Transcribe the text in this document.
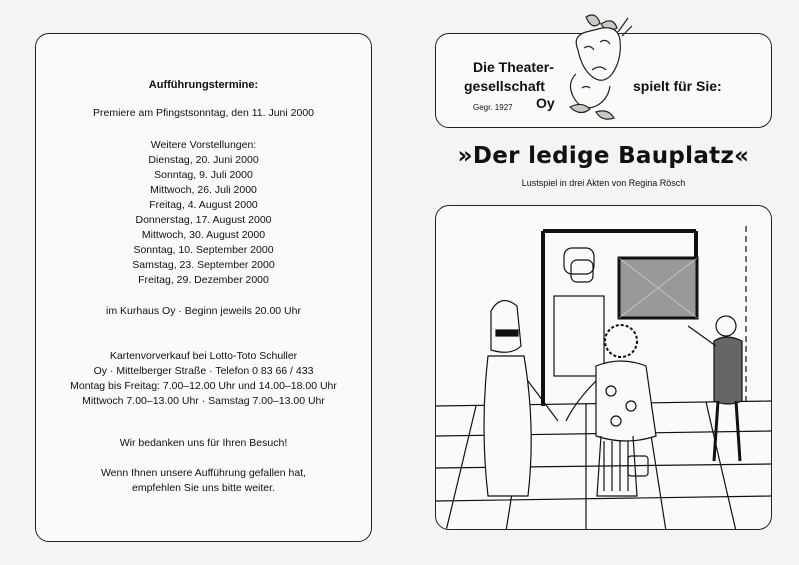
Aufführungstermine:
Premiere am Pfingstsonntag, den 11. Juni 2000
Weitere Vorstellungen:
Dienstag, 20. Juni 2000
Sonntag, 9. Juli 2000
Mittwoch, 26. Juli 2000
Freitag, 4. August 2000
Donnerstag, 17. August 2000
Mittwoch, 30. August 2000
Sonntag, 10. September 2000
Samstag, 23. September 2000
Freitag, 29. Dezember 2000
im Kurhaus Oy · Beginn jeweils 20.00 Uhr
Kartenvorverkauf bei Lotto-Toto Schuller
Oy · Mittelberger Straße · Telefon 0 83 66 / 433
Montag bis Freitag: 7.00–12.00 Uhr und 14.00–18.00 Uhr
Mittwoch 7.00–13.00 Uhr · Samstag 7.00–13.00 Uhr
Wir bedanken uns für Ihren Besuch!
Wenn Ihnen unsere Aufführung gefallen hat,
empfehlen Sie uns bitte weiter.
Die Theater-
gesellschaft
Gegr. 1927 Oy
spielt für Sie:
»Der ledige Bauplatz«
Lustspiel in drei Akten von Regina Rösch
